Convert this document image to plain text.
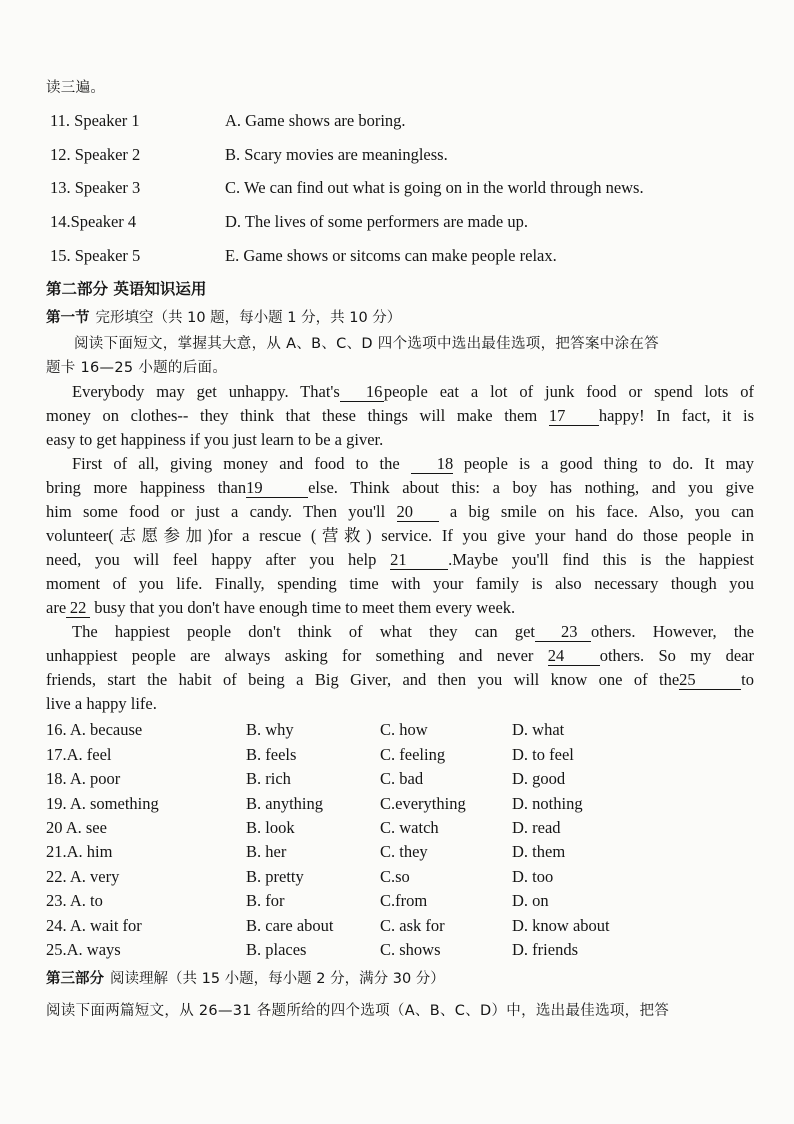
读三遍。
11. Speaker 1	A. Game shows are boring.
12. Speaker 2	B. Scary movies are meaningless.
13. Speaker 3	C. We can find out what is going on in the world through news.
14.Speaker 4	D. The lives of some performers are made up.
15. Speaker 5	E. Game shows or sitcoms can make people relax.
第二部分 英语知识运用
第一节 完形填空（共 10 题，每小题 1 分，共 10 分）
阅读下面短文，掌握其大意，从 A、B、C、D 四个选项中选出最佳选项，把答案中涂在答
题卡 16—25 小题的后面。
Everybody may get unhappy. That's 16people eat a lot of junk food or spend lots of
money on clothes-- they think that these things will make them 17 happy! In fact, it is
easy to get happiness if you just learn to be a giver.
First of all, giving money and food to the 18 people is a good thing to do. It may
bring more happiness than19	else. Think about this: a boy has nothing, and you give
him some food or just a candy. Then you'll 20 a big smile on his face. Also, you can
volunteer(志愿参加)for a rescue (营救) service. If you give your hand do those people in
need, you will feel happy after you help 21	.Maybe you'll find this is the happiest
moment of you life. Finally, spending time with your family is also necessary though you
are 22 busy that you don't have enough time to meet them every week.
The happiest people don't think of what they can get 23 others. However, the
unhappiest people are always asking for something and never 24 others. So my dear
friends, start the habit of being a Big Giver, and then you will know one of the25	to
live a happy life.
16. A. because	B. why	C. how	D. what
17.A. feel	B. feels	C. feeling	D. to feel
18. A. poor	B. rich	C. bad	D. good
19. A. something	B. anything	C.everything	D. nothing
20 A. see	B. look	C. watch	D. read
21.A. him	B. her	C. they	D. them
22. A. very	B. pretty	C.so	D. too
23. A. to	B. for	C.from	D. on
24. A. wait for	B. care about	C. ask for	D. know about
25.A. ways	B. places	C. shows	D. friends
第三部分 阅读理解（共 15 小题，每小题 2 分，满分 30 分）
阅读下面两篇短文，从 26—31 各题所给的四个选项（A、B、C、D）中，选出最佳选项，把答
